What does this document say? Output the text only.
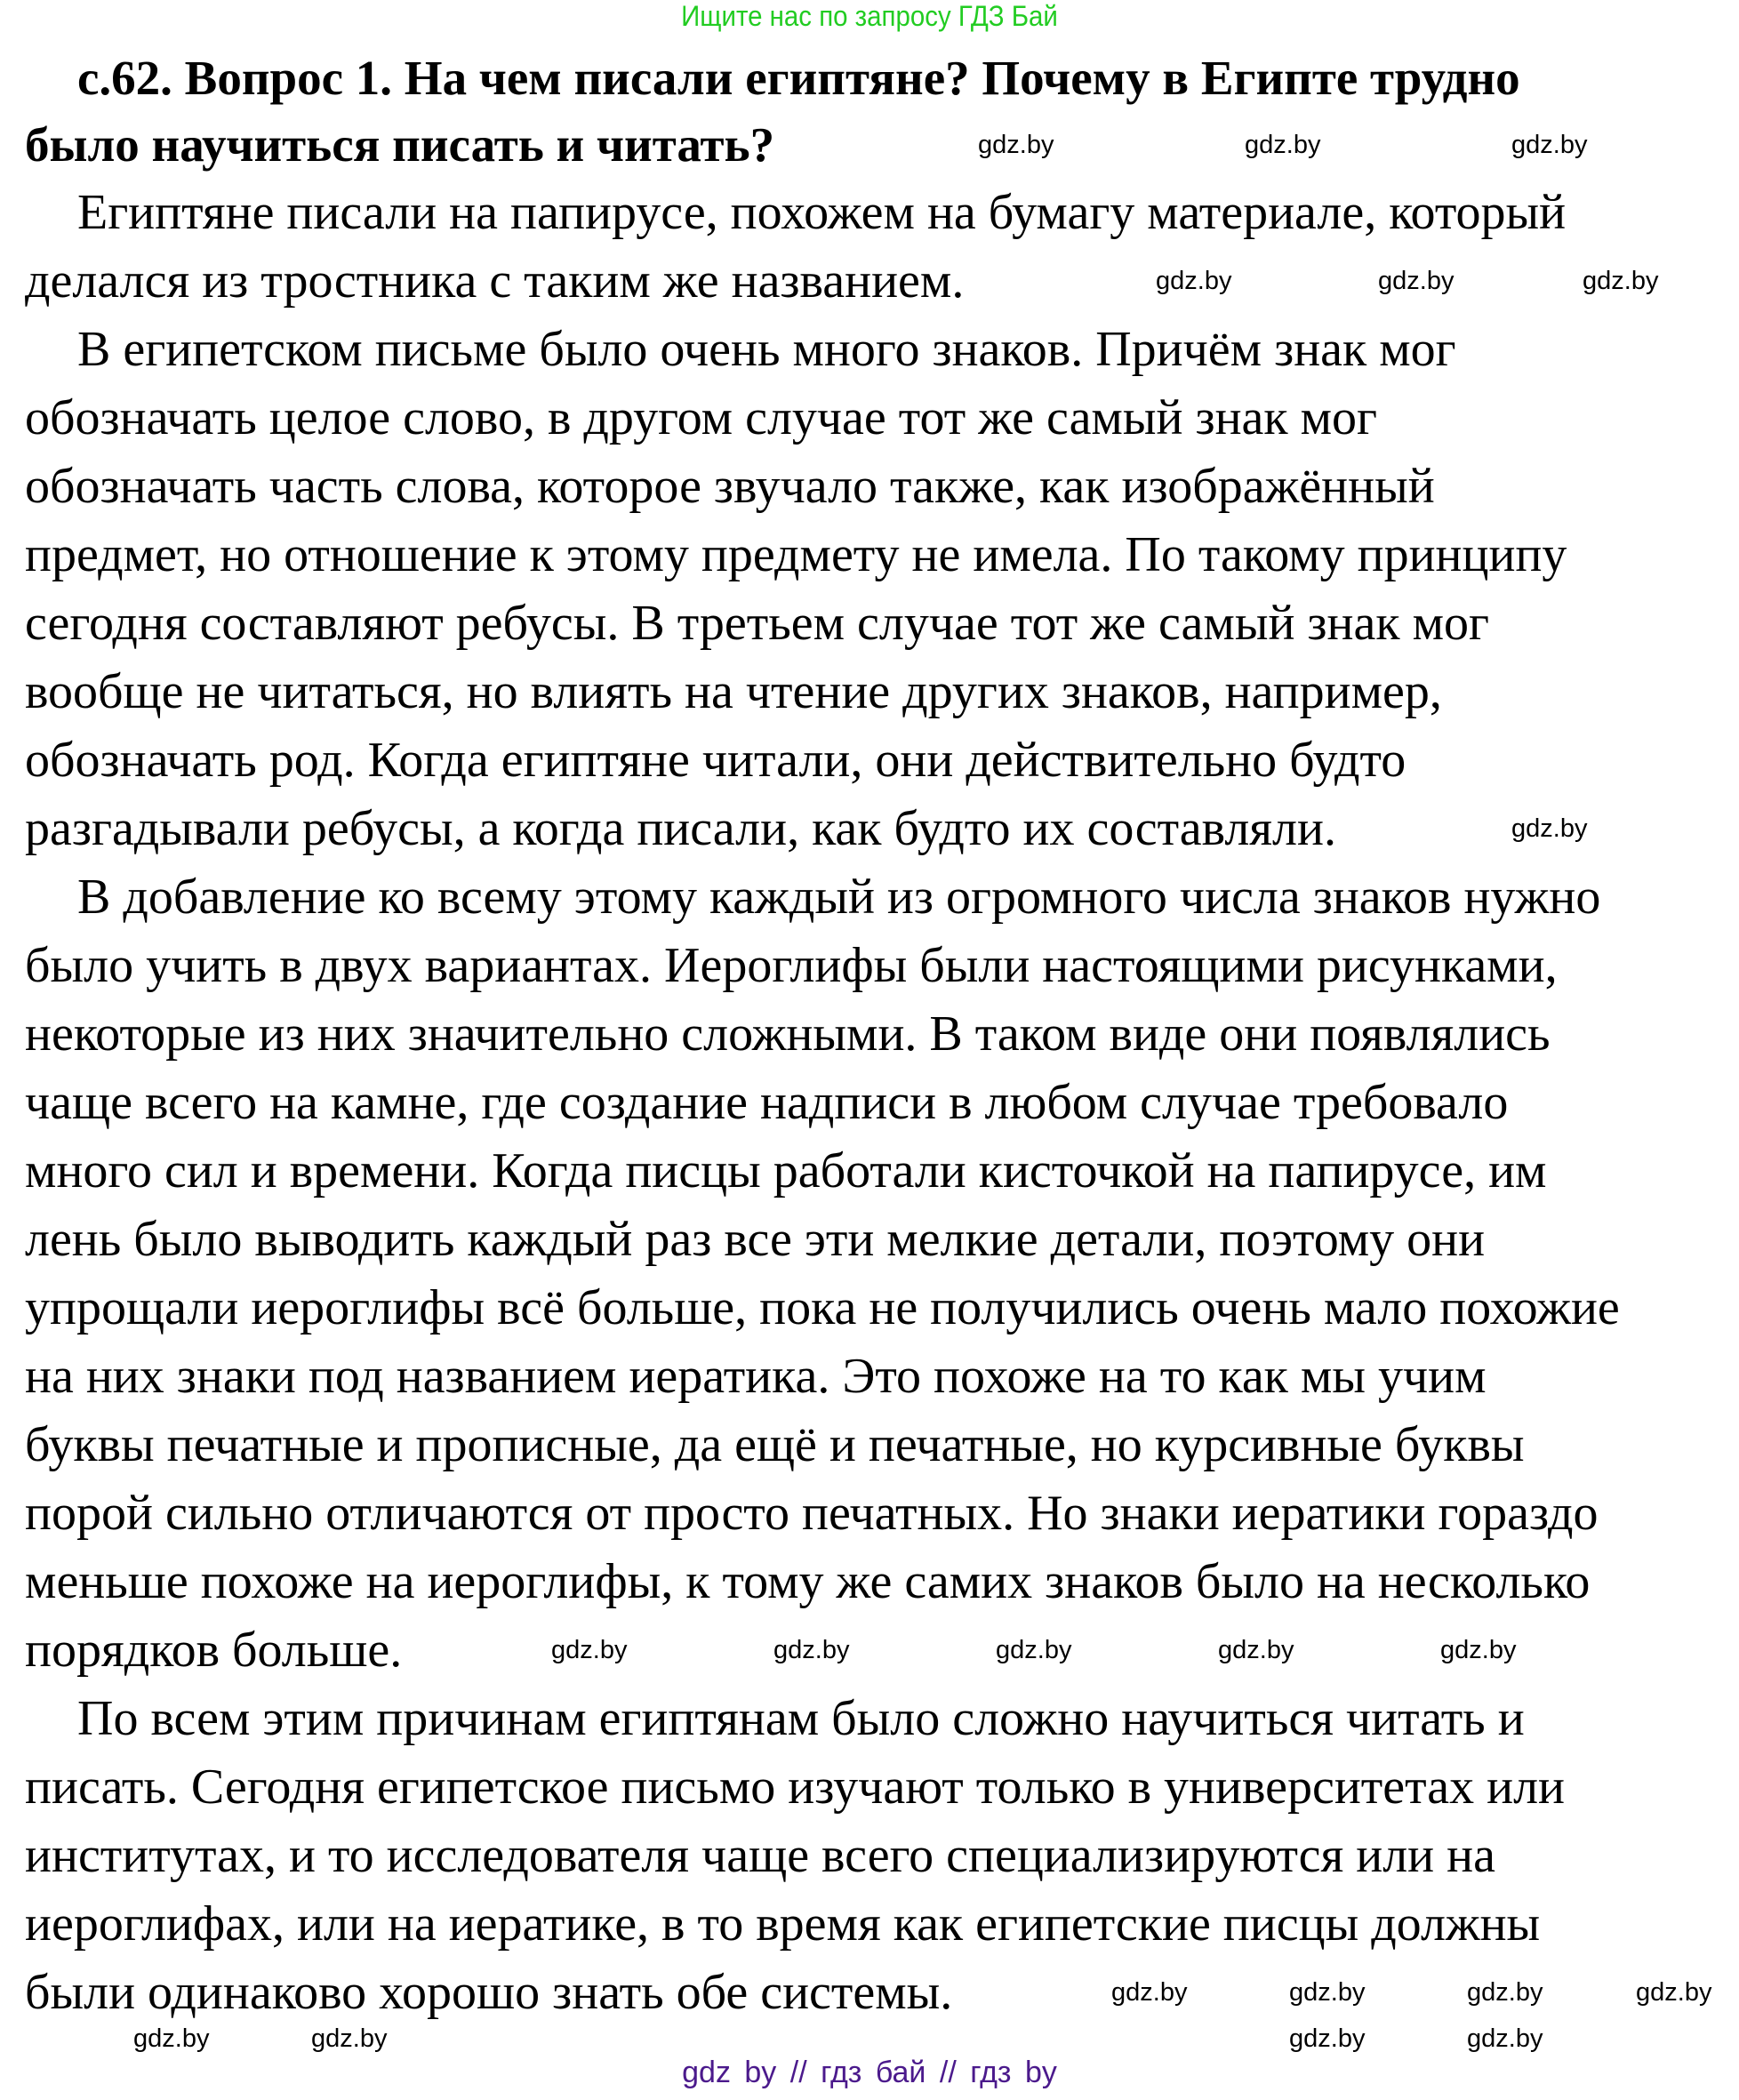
Ищите нас по запросу ГДЗ Бай
с.62. Вопрос 1. На чем писали египтяне? Почему в Египте трудно
было научиться писать и читать?
Египтяне писали на папирусе, похожем на бумагу материале, который
делался из тростника с таким же названием.
В египетском письме было очень много знаков. Причём знак мог
обозначать целое слово, в другом случае тот же самый знак мог
обозначать часть слова, которое звучало также, как изображённый
предмет, но отношение к этому предмету не имела. По такому принципу
сегодня составляют ребусы. В третьем случае тот же самый знак мог
вообще не читаться, но влиять на чтение других знаков, например,
обозначать род. Когда египтяне читали, они действительно будто
разгадывали ребусы, а когда писали, как будто их составляли.
В добавление ко всему этому каждый из огромного числа знаков нужно
было учить в двух вариантах. Иероглифы были настоящими рисунками,
некоторые из них значительно сложными. В таком виде они появлялись
чаще всего на камне, где создание надписи в любом случае требовало
много сил и времени. Когда писцы работали кисточкой на папирусе, им
лень было выводить каждый раз все эти мелкие детали, поэтому они
упрощали иероглифы всё больше, пока не получились очень мало похожие
на них знаки под названием иератика. Это похоже на то как мы учим
буквы печатные и прописные, да ещё и печатные, но курсивные буквы
порой сильно отличаются от просто печатных. Но знаки иератики гораздо
меньше похоже на иероглифы, к тому же самих знаков было на несколько
порядков больше.
По всем этим причинам египтянам было сложно научиться читать и
писать. Сегодня египетское письмо изучают только в университетах или
институтах, и то исследователя чаще всего специализируются или на
иероглифах, или на иератике, в то время как египетские писцы должны
были одинаково хорошо знать обе системы.
gdz.by	gdz.by	gdz.by
gdz.by	gdz.by	gdz.by
gdz.by
gdz.by	gdz.by	gdz.by	gdz.by	gdz.by
gdz.by	gdz.by	gdz.by	gdz.by
gdz.by	gdz.by	gdz.by	gdz.by
gdz by // гдз бай // гдз by
